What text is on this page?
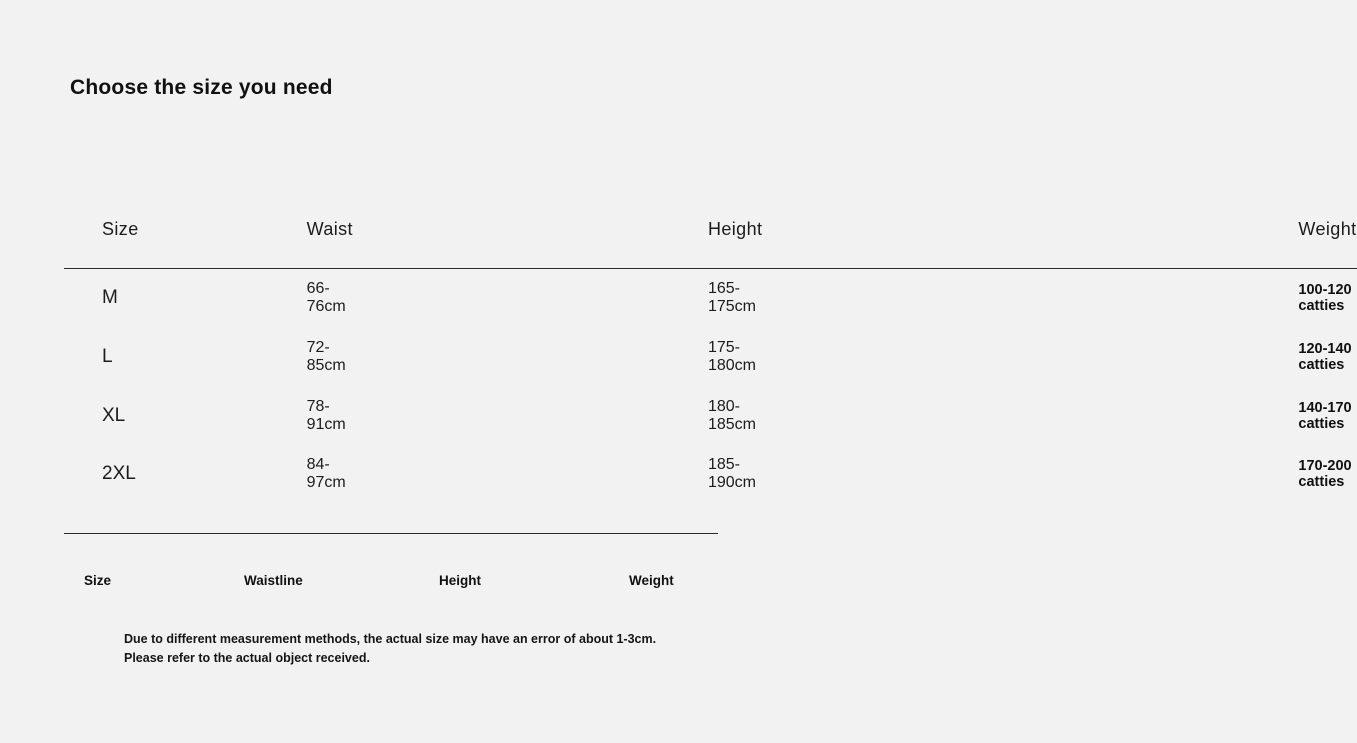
Choose the size you need
Size	Waist	Height	Weight
M	66-76cm	165-175cm	100-120 catties
L	72-85cm	175-180cm	120-140 catties
XL	78-91cm	180-185cm	140-170 catties
2XL	84-97cm	185-190cm	170-200 catties
Size	Waistline	Height	Weight
Due to different measurement methods, the actual size may have an error of about 1-3cm. Please refer to the actual object received.
